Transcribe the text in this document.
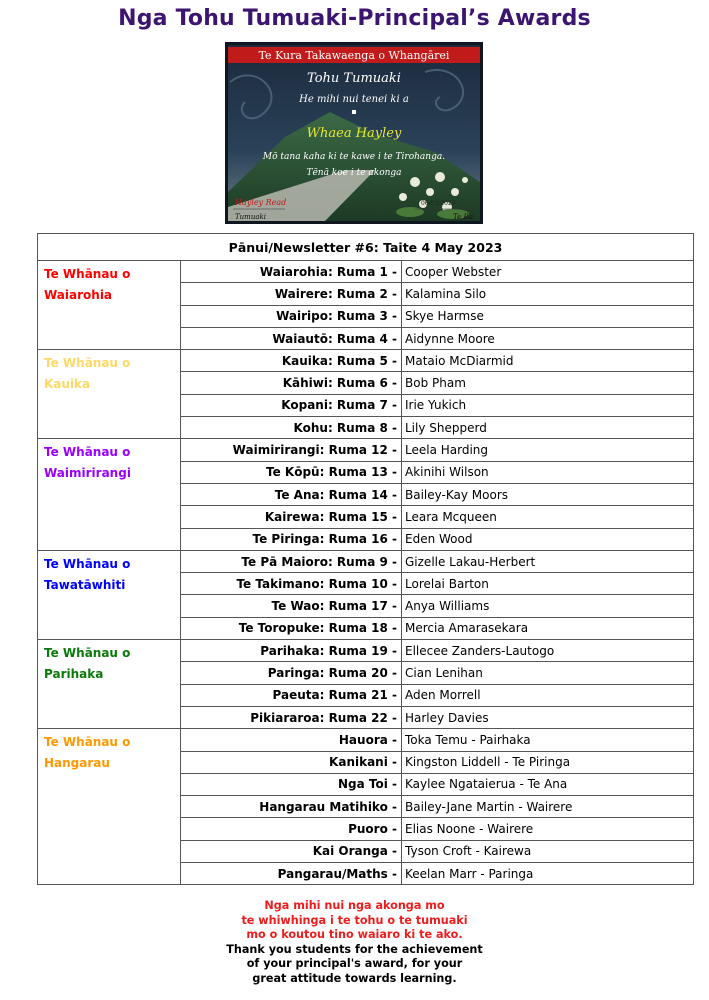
Nga Tohu Tumuaki-Principal’s Awards
Te Kura Takawaenga o Whangārei
Tohu Tumuaki
He mihi nui tenei ki a
Whaea Hayley
Mō tana kaha ki te kawe i te Tirohanga.
Tēnā koe i te akonga
Hayley Read
Tumuaki
06/03/2023
Te Ra
Pānui/Newsletter #6: Taite 4 May 2023		

Te Whānau o
Waiarohia	Waiarohia: Ruma 1 -	Cooper Webster
	Wairere: Ruma 2 -	Kalamina Silo
	Wairipo: Ruma 3 -	Skye Harmse
	Waiautō: Ruma 4 -	Aidynne Moore

Te Whānau o
Kauika	Kauika: Ruma 5 -	Mataio McDiarmid
	Kāhiwi: Ruma 6 -	Bob Pham
	Kopani: Ruma 7 -	Irie Yukich
	Kohu: Ruma 8 -	Lily Shepperd

Te Whānau o
Waimirirangi	Waimirirangi: Ruma 12 -	Leela Harding
	Te Kōpū: Ruma 13 -	Akinihi Wilson
	Te Ana: Ruma 14 -	Bailey-Kay Moors
	Kairewa: Ruma 15 -	Leara Mcqueen
	Te Piringa: Ruma 16 -	Eden Wood

Te Whānau o
Tawatāwhiti	Te Pā Maioro: Ruma 9 -	Gizelle Lakau-Herbert
	Te Takimano: Ruma 10 -	Lorelai Barton
	Te Wao: Ruma 17 -	Anya Williams
	Te Toropuke: Ruma 18 -	Mercia Amarasekara

Te Whānau o
Parihaka	Parihaka: Ruma 19 -	Ellecee Zanders-Lautogo
	Paringa: Ruma 20 -	Cian Lenihan
	Paeuta: Ruma 21 -	Aden Morrell
	Pikiararoa: Ruma 22 -	Harley Davies

Te Whānau o
Hangarau	Hauora -	Toka Temu - Pairhaka
	Kanikani -	Kingston Liddell - Te Piringa
	Nga Toi -	Kaylee Ngataierua - Te Ana
	Hangarau Matihiko -	Bailey-Jane Martin - Wairere
	Puoro -	Elias Noone - Wairere
	Kai Oranga -	Tyson Croft - Kairewa
	Pangarau/Maths -	Keelan Marr - Paringa
Nga mihi nui nga akonga mo
te whiwhinga i te tohu o te tumuaki
mo o koutou tino waiaro ki te ako.
Thank you students for the achievement
of your principal's award, for your
great attitude towards learning.
